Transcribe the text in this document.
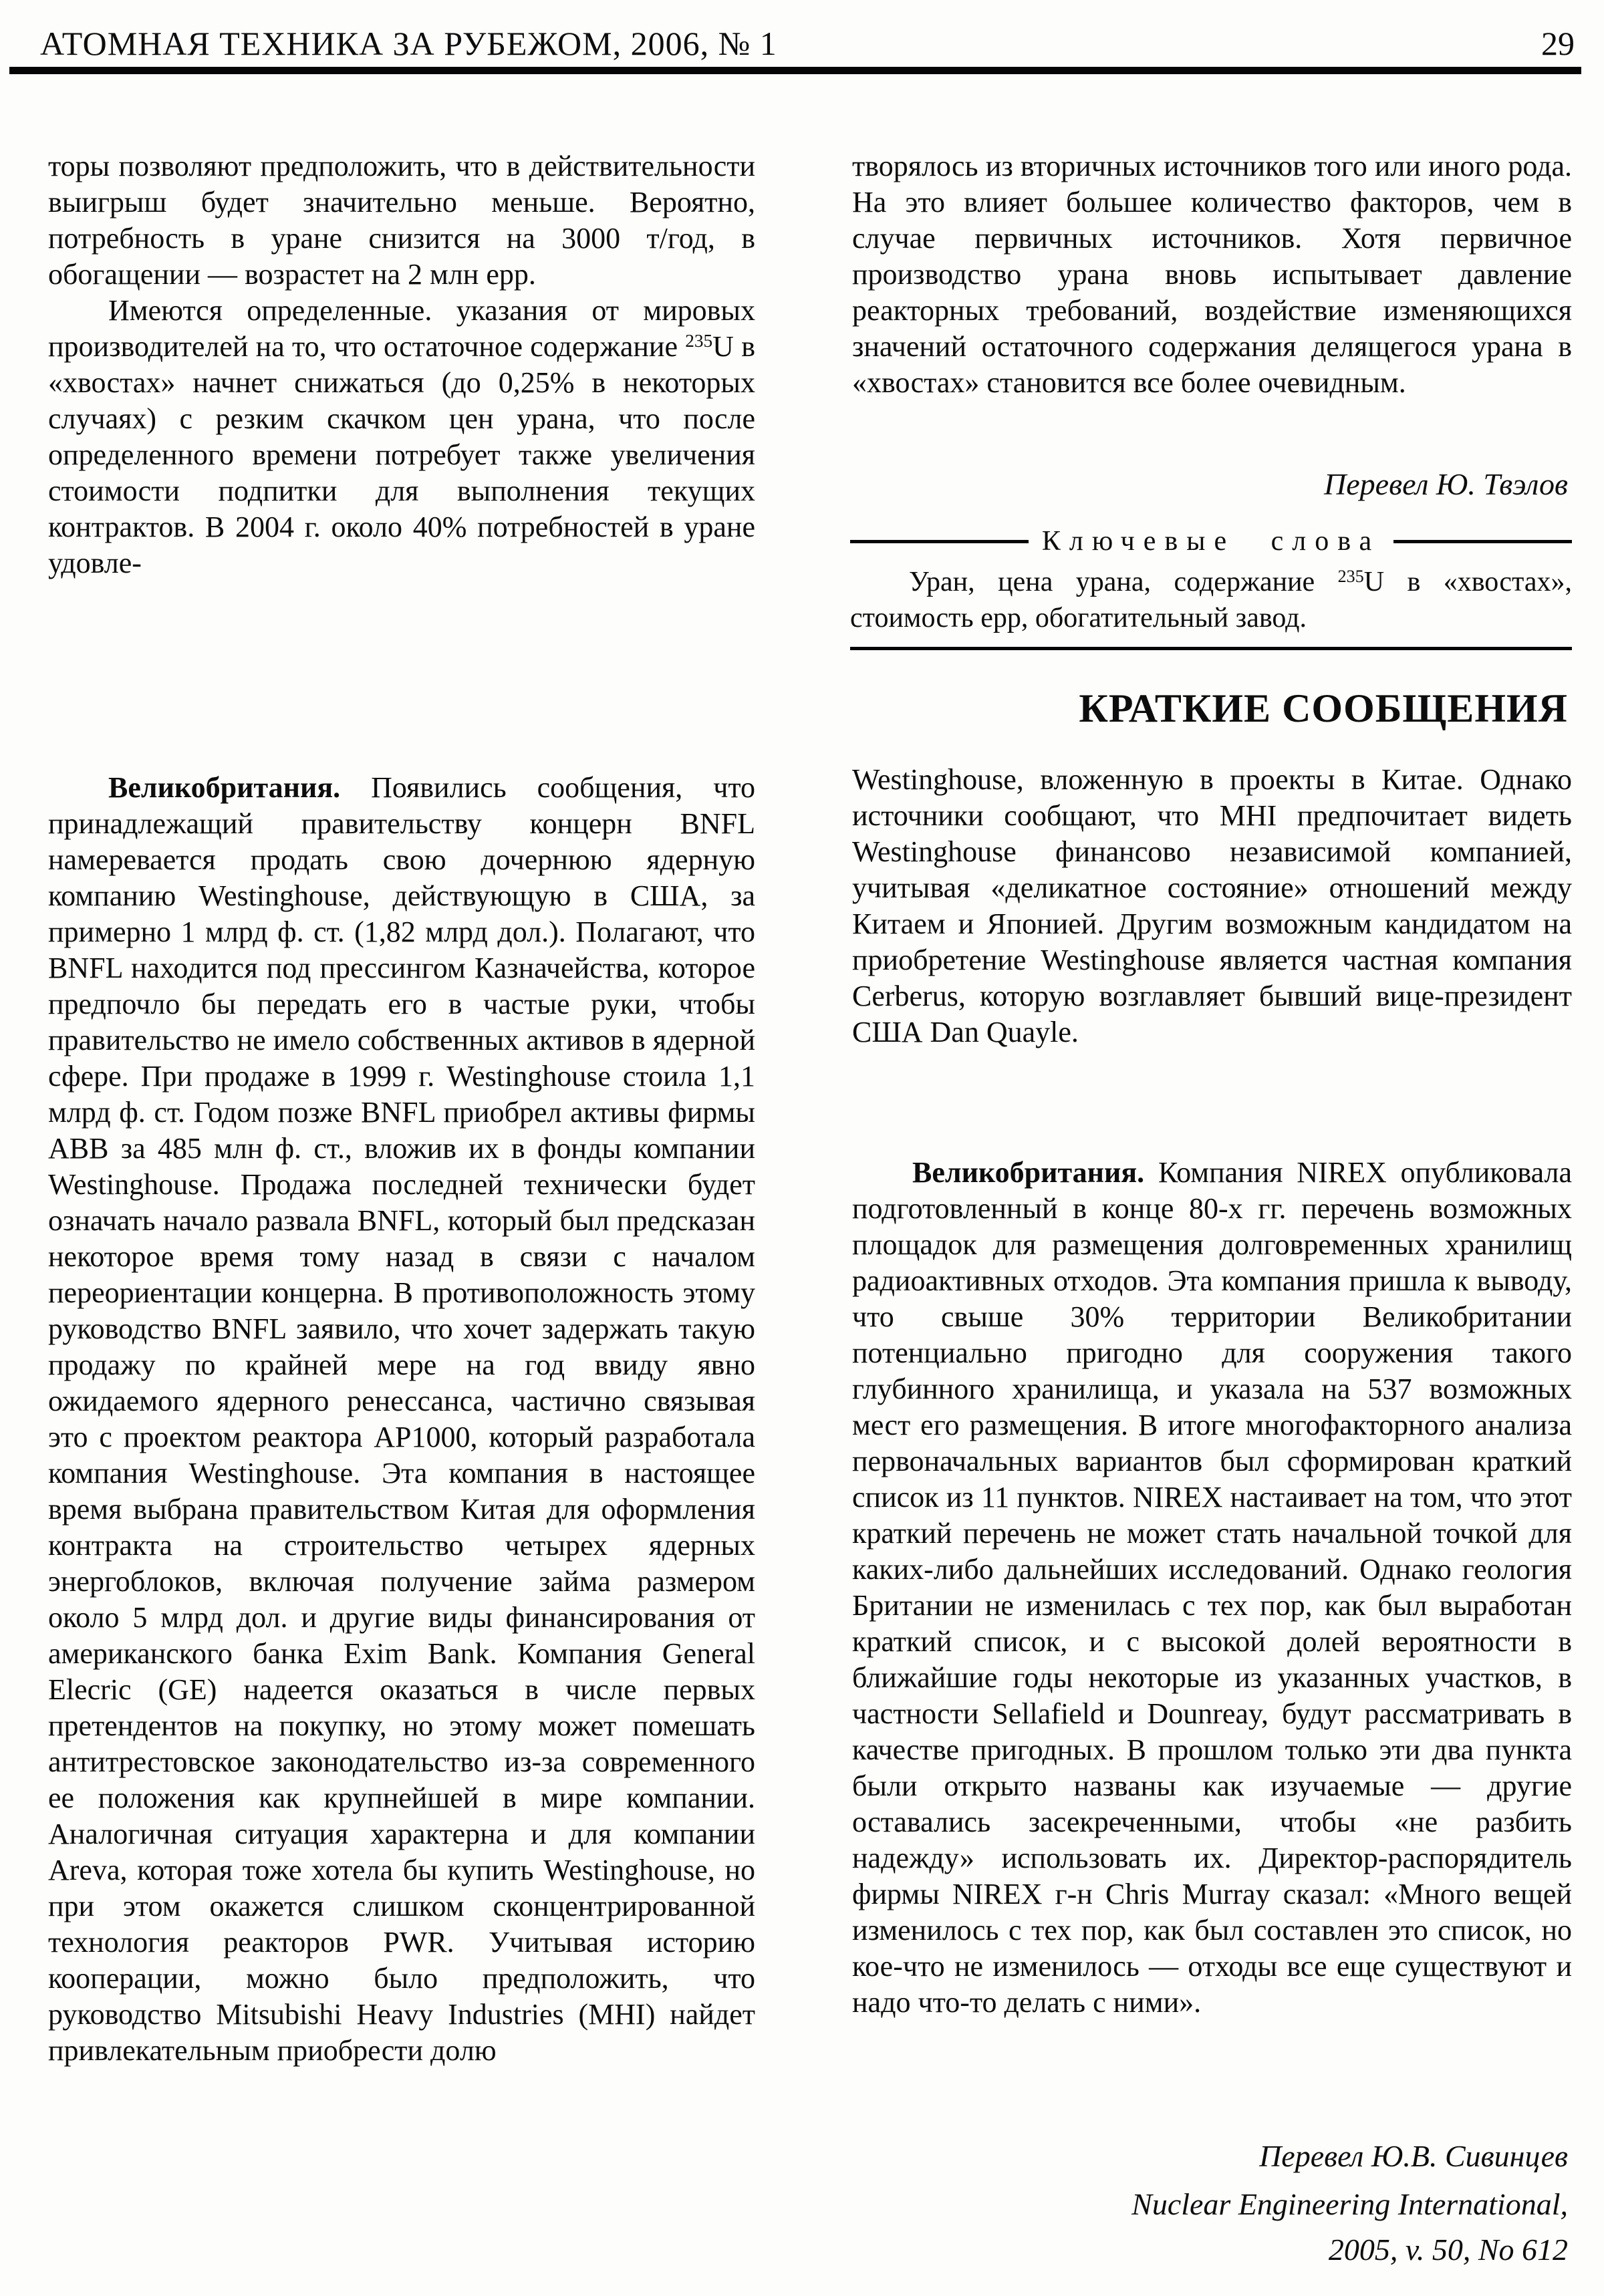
АТОМНАЯ ТЕХНИКА ЗА РУБЕЖОМ, 2006, № 1	29

торы позволяют предположить, что в действительности выигрыш будет значительно меньше. Вероятно, потребность в уране снизится на 3000 т/год, в обогащении — возрастет на 2 млн ерр.

Имеются определенные. указания от мировых производителей на то, что остаточное содержание $^{235}$U в «хвостах» начнет снижаться (до 0,25% в некоторых случаях) с резким скачком цен урана, что после определенного времени потребует также увеличения стоимости подпитки для выполнения текущих контрактов. В 2004 г. около 40% потребностей в уране удовле-

Великобритания. Появились сообщения, что принадлежащий правительству концерн BNFL намеревается продать свою дочернюю ядерную компанию Westinghouse, действующую в США, за примерно 1 млрд ф. ст. (1,82 млрд дол.). Полагают, что BNFL находится под прессингом Казначейства, которое предпочло бы передать его в частые руки, чтобы правительство не имело собственных активов в ядерной сфере. При продаже в 1999 г. Westinghouse стоила 1,1 млрд ф. ст. Годом позже BNFL приобрел активы фирмы ABB за 485 млн ф. ст., вложив их в фонды компании Westinghouse. Продажа последней технически будет означать начало развала BNFL, который был предсказан некоторое время тому назад в связи с началом переориентации концерна. В противоположность этому руководство BNFL заявило, что хочет задержать такую продажу по крайней мере на год ввиду явно ожидаемого ядерного ренессанса, частично связывая это с проектом реактора AP1000, который разработала компания Westinghouse. Эта компания в настоящее время выбрана правительством Китая для оформления контракта на строительство четырех ядерных энергоблоков, включая получение займа размером около 5 млрд дол. и другие виды финансирования от американского банка Exim Bank. Компания General Elecric (GE) надеется оказаться в числе первых претендентов на покупку, но этому может помешать антитрестовское законодательство из-за современного ее положения как крупнейшей в мире компании. Аналогичная ситуация характерна и для компании Areva, которая тоже хотела бы купить Westinghouse, но при этом окажется слишком сконцентрированной технология реакторов PWR. Учитывая историю кооперации, можно было предположить, что руководство Mitsubishi Heavy Industries (MHI) найдет привлекательным приобрести долю

творялось из вторичных источников того или иного рода. На это влияет большее количество факторов, чем в случае первичных источников. Хотя первичное производство урана вновь испытывает давление реакторных требований, воздействие изменяющихся значений остаточного содержания делящегося урана в «хвостах» становится все более очевидным.

Перевел Ю. Твэлов
Ключевые слова

Уран, цена урана, содержание $^{235}$U в «хвостах», стоимость ерр, обогатительный завод.

КРАТКИЕ СООБЩЕНИЯ

Westinghouse, вложенную в проекты в Китае. Однако источники сообщают, что MHI предпочитает видеть Westinghouse финансово независимой компанией, учитывая «деликатное состояние» отношений между Китаем и Японией. Другим возможным кандидатом на приобретение Westinghouse является частная компания Cerberus, которую возглавляет бывший вице-президент США Dan Quayle.

Великобритания. Компания NIREX опубликовала подготовленный в конце 80-х гг. перечень возможных площадок для размещения долговременных хранилищ радиоактивных отходов. Эта компания пришла к выводу, что свыше 30% территории Великобритании потенциально пригодно для сооружения такого глубинного хранилища, и указала на 537 возможных мест его размещения. В итоге многофакторного анализа первоначальных вариантов был сформирован краткий список из 11 пунктов. NIREX настаивает на том, что этот краткий перечень не может стать начальной точкой для каких-либо дальнейших исследований. Однако геология Британии не изменилась с тех пор, как был выработан краткий список, и с высокой долей вероятности в ближайшие годы некоторые из указанных участков, в частности Sellafield и Dounreay, будут рассматривать в качестве пригодных. В прошлом только эти два пункта были открыто названы как изучаемые — другие оставались засекреченными, чтобы «не разбить надежду» использовать их. Директор-распорядитель фирмы NIREX г-н Chris Murray сказал: «Много вещей изменилось с тех пор, как был составлен это список, но кое-что не изменилось — отходы все еще существуют и надо что-то делать с ними».

Перевел Ю.В. Сивинцев
Nuclear Engineering International,
2005, v. 50, No 612
